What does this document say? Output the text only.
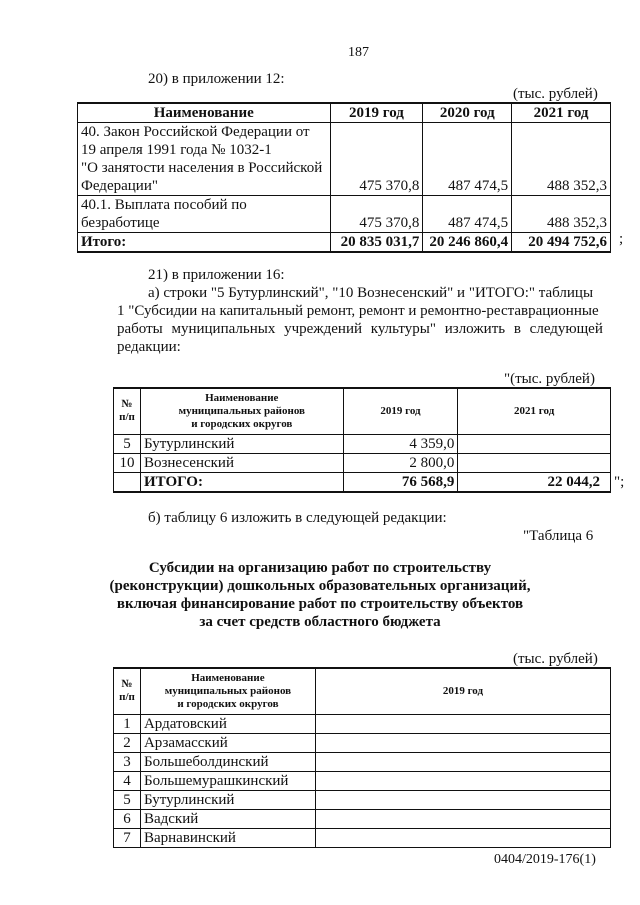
187
20) в приложении 12:
(тыс. рублей)
Наименование	2019 год	2020 год	2021 год

40. Закон Российской Федерации от
19 апреля 1991 года № 1032-1
"О занятости населения в Российской
Федерации"	475 370,8	487 474,5	488 352,3

40.1. Выплата пособий по
безработице	475 370,8	487 474,5	488 352,3
Итого:	20 835 031,7	20 246 860,4	20 494 752,6 ;
21) в приложении 16:
а) строки "5 Бутурлинский", "10 Вознесенский" и "ИТОГО:" таблицы
1 "Субсидии на капитальный ремонт, ремонт и ремонтно-реставрационные
работы муниципальных учреждений культуры" изложить в следующей
редакции:
"(тыс. рублей)
№
п/п	Наименование
муниципальных районов
и городских округов	2019 год	2021 год
5	Бутурлинский	4 359,0	
10	Вознесенский	2 800,0	
	ИТОГО:	76 568,9	22 044,2 ";
б) таблицу 6 изложить в следующей редакции:
"Таблица 6
Субсидии на организацию работ по строительству
(реконструкции) дошкольных образовательных организаций,
включая финансирование работ по строительству объектов
за счет средств областного бюджета
(тыс. рублей)
№
п/п	Наименование
муниципальных районов
и городских округов	2019 год
1	Ардатовский	
2	Арзамасский	
3	Большеболдинский	
4	Большемурашкинский	
5	Бутурлинский	
6	Вадский	
7	Варнавинский	
0404/2019-176(1)
